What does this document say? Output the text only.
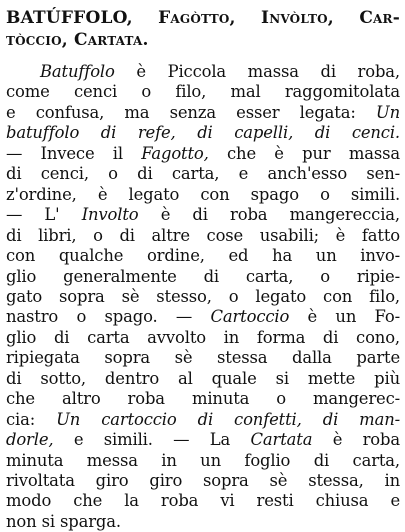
BATÚFFOLO, Fagòtto, Invòlto, Car-
tòccio, Cartata.
Batuffolo è Piccola massa di roba,
come cenci o filo, mal raggomitolata
e confusa, ma senza esser legata: Un
batuffolo di refe, di capelli, di cenci.
— Invece il Fagotto, che è pur massa
di cenci, o di carta, e anch'esso sen-
z'ordine, è legato con spago o simili.
— L' Involto è di roba mangereccia,
di libri, o di altre cose usabili; è fatto
con qualche ordine, ed ha un invo-
glio generalmente di carta, o ripie-
gato sopra sè stesso, o legato con filo,
nastro o spago. — Cartoccio è un Fo-
glio di carta avvolto in forma di cono,
ripiegata sopra sè stessa dalla parte
di sotto, dentro al quale si mette più
che altro roba minuta o mangerec-
cia: Un cartoccio di confetti, di man-
dorle, e simili. — La Cartata è roba
minuta messa in un foglio di carta,
rivoltata giro giro sopra sè stessa, in
modo che la roba vi resti chiusa e
non si sparga.
